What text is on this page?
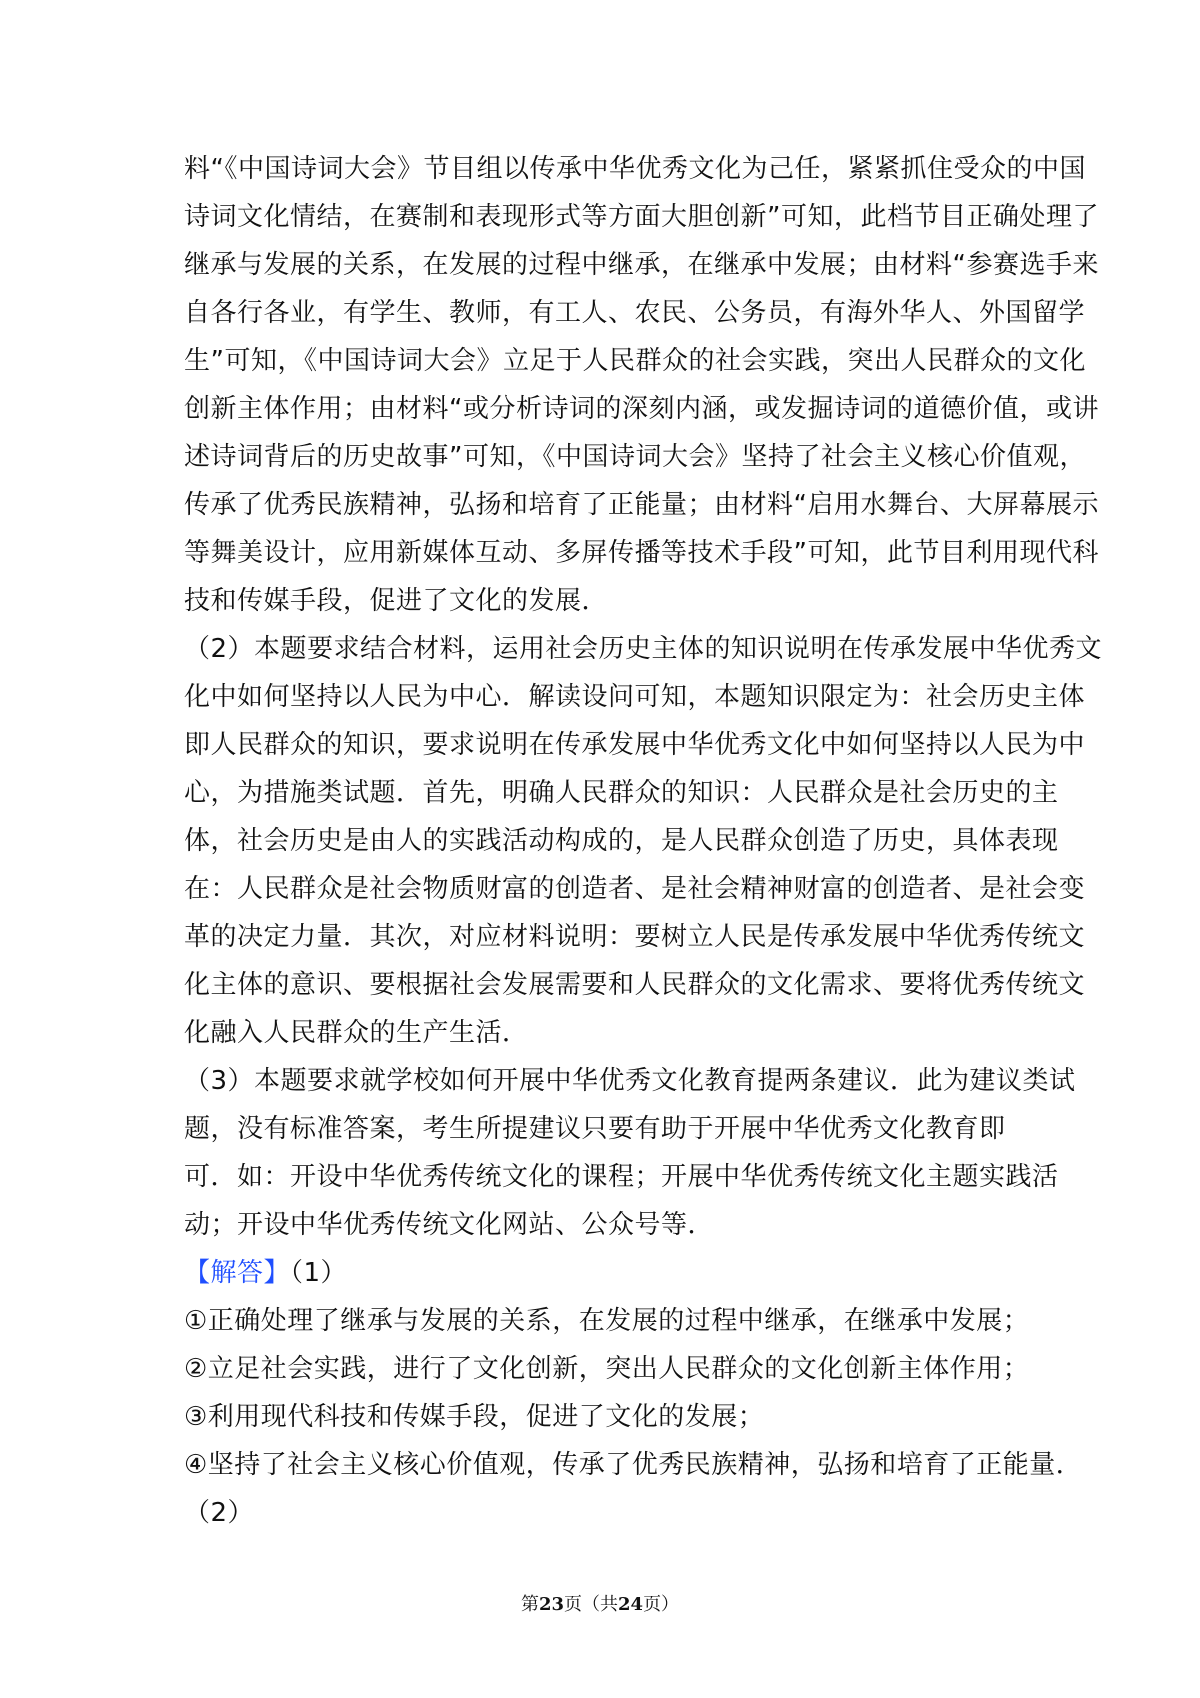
料“《中国诗词大会》节目组以传承中华优秀文化为己任，紧紧抓住受众的中国
诗词文化情结，在赛制和表现形式等方面大胆创新”可知，此档节目正确处理了
继承与发展的关系，在发展的过程中继承，在继承中发展；由材料“参赛选手来
自各行各业，有学生、教师，有工人、农民、公务员，有海外华人、外国留学
生”可知，《中国诗词大会》立足于人民群众的社会实践，突出人民群众的文化
创新主体作用；由材料“或分析诗词的深刻内涵，或发掘诗词的道德价值，或讲
述诗词背后的历史故事”可知，《中国诗词大会》坚持了社会主义核心价值观，
传承了优秀民族精神，弘扬和培育了正能量；由材料“启用水舞台、大屏幕展示
等舞美设计，应用新媒体互动、多屏传播等技术手段”可知，此节目利用现代科
技和传媒手段，促进了文化的发展．
（2）本题要求结合材料，运用社会历史主体的知识说明在传承发展中华优秀文
化中如何坚持以人民为中心．解读设问可知，本题知识限定为：社会历史主体
即人民群众的知识，要求说明在传承发展中华优秀文化中如何坚持以人民为中
心，为措施类试题．首先，明确人民群众的知识：人民群众是社会历史的主
体，社会历史是由人的实践活动构成的，是人民群众创造了历史，具体表现
在：人民群众是社会物质财富的创造者、是社会精神财富的创造者、是社会变
革的决定力量．其次，对应材料说明：要树立人民是传承发展中华优秀传统文
化主体的意识、要根据社会发展需要和人民群众的文化需求、要将优秀传统文
化融入人民群众的生产生活．
（3）本题要求就学校如何开展中华优秀文化教育提两条建议．此为建议类试
题，没有标准答案，考生所提建议只要有助于开展中华优秀文化教育即
可．如：开设中华优秀传统文化的课程；开展中华优秀传统文化主题实践活
动；开设中华优秀传统文化网站、公众号等．

【解答】（1）
①正确处理了继承与发展的关系，在发展的过程中继承，在继承中发展；
②立足社会实践，进行了文化创新，突出人民群众的文化创新主体作用；
③利用现代科技和传媒手段，促进了文化的发展；
④坚持了社会主义核心价值观，传承了优秀民族精神，弘扬和培育了正能量．
（2）

第23页（共24页）
